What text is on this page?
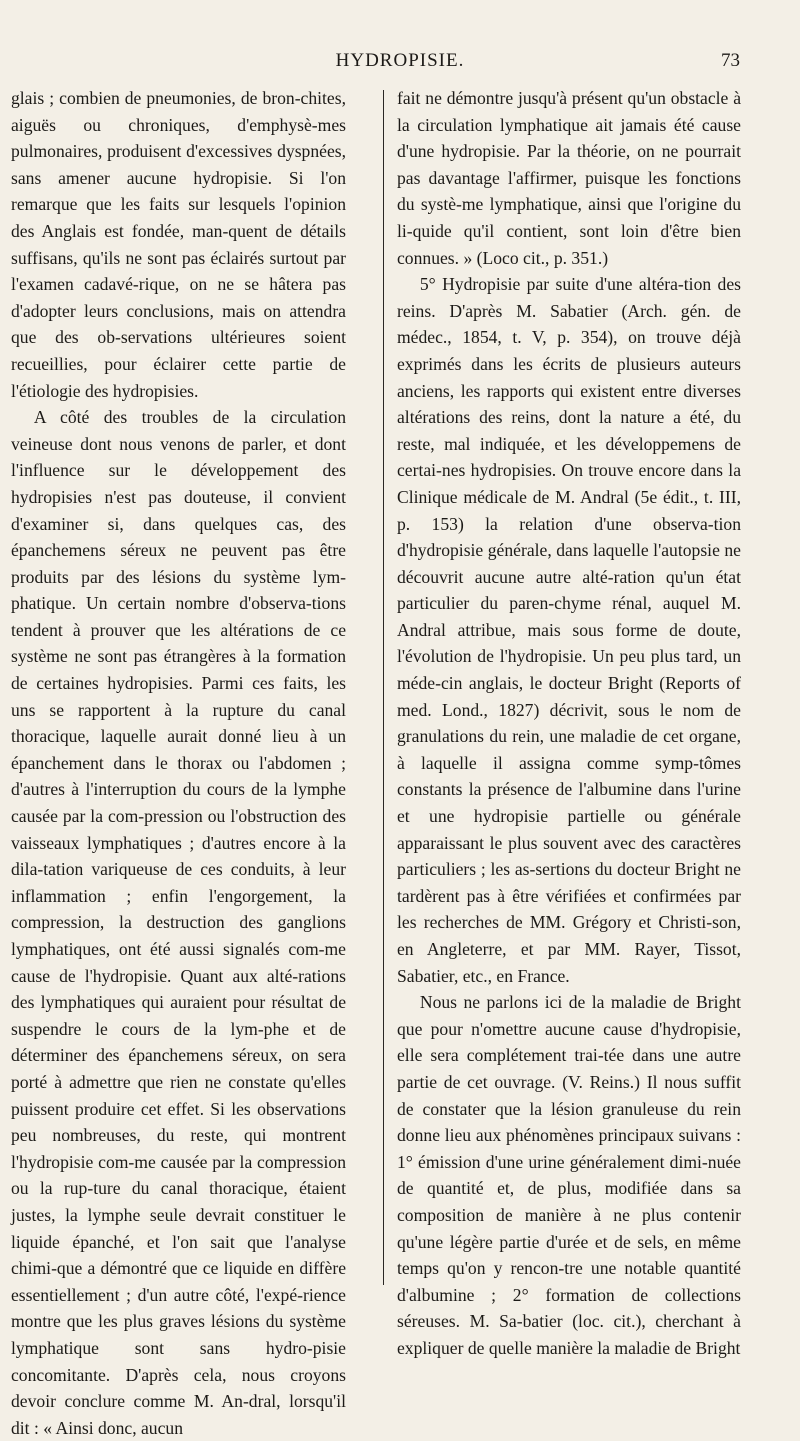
HYDROPISIE.	73

glais ; combien de pneumonies, de bron-chites, aiguës ou chroniques, d'emphysè-mes pulmonaires, produisent d'excessives dyspnées, sans amener aucune hydropisie. Si l'on remarque que les faits sur lesquels l'opinion des Anglais est fondée, man-quent de détails suffisans, qu'ils ne sont pas éclairés surtout par l'examen cadavé-rique, on ne se hâtera pas d'adopter leurs conclusions, mais on attendra que des ob-servations ultérieures soient recueillies, pour éclairer cette partie de l'étiologie des hydropisies.

A côté des troubles de la circulation veineuse dont nous venons de parler, et dont l'influence sur le développement des hydropisies n'est pas douteuse, il convient d'examiner si, dans quelques cas, des épanchemens séreux ne peuvent pas être produits par des lésions du système lym-phatique. Un certain nombre d'observa-tions tendent à prouver que les altérations de ce système ne sont pas étrangères à la formation de certaines hydropisies. Parmi ces faits, les uns se rapportent à la rupture du canal thoracique, laquelle aurait donné lieu à un épanchement dans le thorax ou l'abdomen ; d'autres à l'interruption du cours de la lymphe causée par la com-pression ou l'obstruction des vaisseaux lymphatiques ; d'autres encore à la dila-tation variqueuse de ces conduits, à leur inflammation ; enfin l'engorgement, la compression, la destruction des ganglions lymphatiques, ont été aussi signalés com-me cause de l'hydropisie. Quant aux alté-rations des lymphatiques qui auraient pour résultat de suspendre le cours de la lym-phe et de déterminer des épanchemens séreux, on sera porté à admettre que rien ne constate qu'elles puissent produire cet effet. Si les observations peu nombreuses, du reste, qui montrent l'hydropisie com-me causée par la compression ou la rup-ture du canal thoracique, étaient justes, la lymphe seule devrait constituer le liquide épanché, et l'on sait que l'analyse chimi-que a démontré que ce liquide en diffère essentiellement ; d'un autre côté, l'expé-rience montre que les plus graves lésions du système lymphatique sont sans hydro-pisie concomitante. D'après cela, nous croyons devoir conclure comme M. An-dral, lorsqu'il dit : « Ainsi donc, aucun

fait ne démontre jusqu'à présent qu'un obstacle à la circulation lymphatique ait jamais été cause d'une hydropisie. Par la théorie, on ne pourrait pas davantage l'affirmer, puisque les fonctions du systè-me lymphatique, ainsi que l'origine du li-quide qu'il contient, sont loin d'être bien connues. » (Loco cit., p. 351.)

5° Hydropisie par suite d'une altéra-tion des reins. D'après M. Sabatier (Arch. gén. de médec., 1854, t. V, p. 354), on trouve déjà exprimés dans les écrits de plusieurs auteurs anciens, les rapports qui existent entre diverses altérations des reins, dont la nature a été, du reste, mal indiquée, et les développemens de certai-nes hydropisies. On trouve encore dans la Clinique médicale de M. Andral (5e édit., t. III, p. 153) la relation d'une observa-tion d'hydropisie générale, dans laquelle l'autopsie ne découvrit aucune autre alté-ration qu'un état particulier du paren-chyme rénal, auquel M. Andral attribue, mais sous forme de doute, l'évolution de l'hydropisie. Un peu plus tard, un méde-cin anglais, le docteur Bright (Reports of med. Lond., 1827) décrivit, sous le nom de granulations du rein, une maladie de cet organe, à laquelle il assigna comme symp-tômes constants la présence de l'albumine dans l'urine et une hydropisie partielle ou générale apparaissant le plus souvent avec des caractères particuliers ; les as-sertions du docteur Bright ne tardèrent pas à être vérifiées et confirmées par les recherches de MM. Grégory et Christi-son, en Angleterre, et par MM. Rayer, Tissot, Sabatier, etc., en France.

Nous ne parlons ici de la maladie de Bright que pour n'omettre aucune cause d'hydropisie, elle sera complétement trai-tée dans une autre partie de cet ouvrage. (V. Reins.) Il nous suffit de constater que la lésion granuleuse du rein donne lieu aux phénomènes principaux suivans : 1° émission d'une urine généralement dimi-nuée de quantité et, de plus, modifiée dans sa composition de manière à ne plus contenir qu'une légère partie d'urée et de sels, en même temps qu'on y rencon-tre une notable quantité d'albumine ; 2° formation de collections séreuses. M. Sa-batier (loc. cit.), cherchant à expliquer de quelle manière la maladie de Bright
